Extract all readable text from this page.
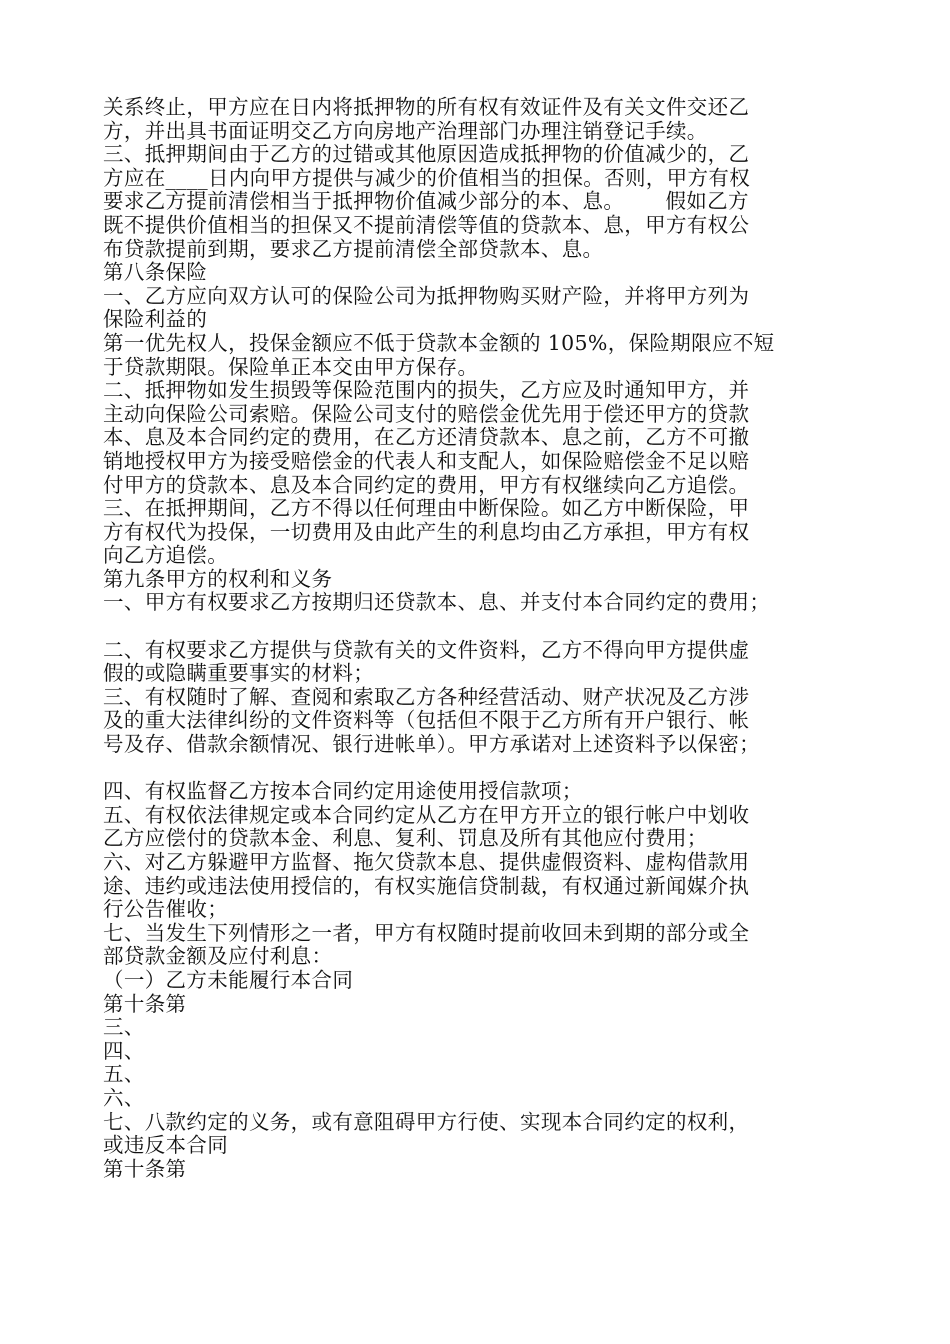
关系终止，甲方应在日内将抵押物的所有权有效证件及有关文件交还乙
方，并出具书面证明交乙方向房地产治理部门办理注销登记手续。
三、抵押期间由于乙方的过错或其他原因造成抵押物的价值减少的，乙
方应在____日内向甲方提供与减少的价值相当的担保。否则，甲方有权
要求乙方提前清偿相当于抵押物价值减少部分的本、息。      假如乙方
既不提供价值相当的担保又不提前清偿等值的贷款本、息，甲方有权公
布贷款提前到期，要求乙方提前清偿全部贷款本、息。
第八条保险
一、乙方应向双方认可的保险公司为抵押物购买财产险，并将甲方列为
保险利益的
第一优先权人，投保金额应不低于贷款本金额的 105%，保险期限应不短
于贷款期限。保险单正本交由甲方保存。
二、抵押物如发生损毁等保险范围内的损失，乙方应及时通知甲方，并
主动向保险公司索赔。保险公司支付的赔偿金优先用于偿还甲方的贷款
本、息及本合同约定的费用，在乙方还清贷款本、息之前，乙方不可撤
销地授权甲方为接受赔偿金的代表人和支配人，如保险赔偿金不足以赔
付甲方的贷款本、息及本合同约定的费用，甲方有权继续向乙方追偿。
三、在抵押期间，乙方不得以任何理由中断保险。如乙方中断保险，甲
方有权代为投保，一切费用及由此产生的利息均由乙方承担，甲方有权
向乙方追偿。
第九条甲方的权利和义务
一、甲方有权要求乙方按期归还贷款本、息、并支付本合同约定的费用；
二、有权要求乙方提供与贷款有关的文件资料，乙方不得向甲方提供虚
假的或隐瞒重要事实的材料；
三、有权随时了解、查阅和索取乙方各种经营活动、财产状况及乙方涉
及的重大法律纠纷的文件资料等（包括但不限于乙方所有开户银行、帐
号及存、借款余额情况、银行进帐单）。甲方承诺对上述资料予以保密；
四、有权监督乙方按本合同约定用途使用授信款项；
五、有权依法律规定或本合同约定从乙方在甲方开立的银行帐户中划收
乙方应偿付的贷款本金、利息、复利、罚息及所有其他应付费用；
六、对乙方躲避甲方监督、拖欠贷款本息、提供虚假资料、虚构借款用
途、违约或违法使用授信的，有权实施信贷制裁，有权通过新闻媒介执
行公告催收；
七、当发生下列情形之一者，甲方有权随时提前收回未到期的部分或全
部贷款金额及应付利息：
（一）乙方未能履行本合同
第十条第
三、
四、
五、
六、
七、八款约定的义务，或有意阻碍甲方行使、实现本合同约定的权利，
或违反本合同
第十条第
